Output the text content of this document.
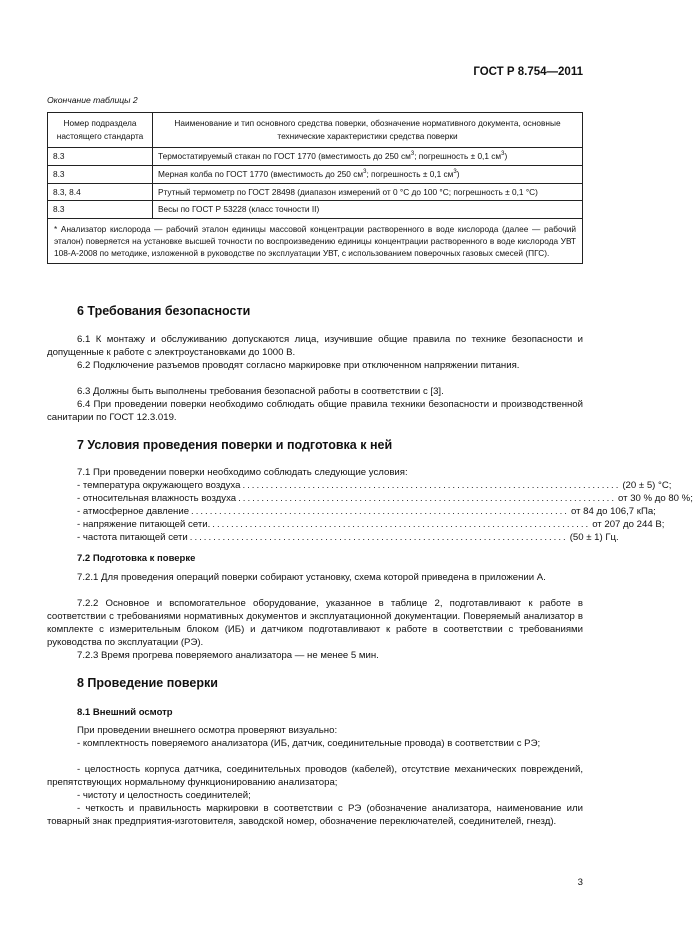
ГОСТ Р 8.754—2011
Окончание таблицы 2
Номер подраздела настоящего стандарта	Наименование и тип основного средства поверки, обозначение нормативного документа, основные технические характеристики средства поверки
8.3	Термостатируемый стакан по ГОСТ 1770 (вместимость до 250 $см^3$; погрешность ± 0,1 $см^3$)
8.3	Мерная колба по ГОСТ 1770 (вместимость до 250 $см^3$; погрешность ± 0,1 $см^3$)
8.3, 8.4	Ртутный термометр по ГОСТ 28498 (диапазон измерений от 0 °С до 100 °С; погрешность ± 0,1 °С)
8.3	Весы по ГОСТ Р 53228 (класс точности II)
* Анализатор кислорода — рабочий эталон единицы массовой концентрации растворенного в воде кислорода (далее — рабочий эталон) поверяется на установке высшей точности по воспроизведению единицы концентрации растворенного в воде кислорода УВТ 108-А-2008 по методике, изложенной в руководстве по эксплуатации УВТ, с использованием поверочных газовых смесей (ПГС).	
6 Требования безопасности
6.1 К монтажу и обслуживанию допускаются лица, изучившие общие правила по технике безопасности и допущенные к работе с электроустановками до 1000 В.
6.2 Подключение разъемов проводят согласно маркировке при отключенном напряжении питания.
6.3 Должны быть выполнены требования безопасной работы в соответствии с [3].
6.4 При проведении поверки необходимо соблюдать общие правила техники безопасности и производственной санитарии по ГОСТ 12.3.019.
7 Условия проведения поверки и подготовка к ней
7.1 При проведении поверки необходимо соблюдать следующие условия:
- температура окружающего воздуха ................................................................................. (20 ± 5) °С;
- относительная влажность воздуха ................................................................................. от 30 % до 80 %;
- атмосферное давление ................................................................................. от 84 до 106,7 кПа;
- напряжение питающей сети. ................................................................................. от 207 до 244 В;
- частота питающей сети ................................................................................. (50 ± 1) Гц.
7.2 Подготовка к поверке
7.2.1 Для проведения операций поверки собирают установку, схема которой приведена в приложении А.
7.2.2 Основное и вспомогательное оборудование, указанное в таблице 2, подготавливают к работе в соответствии с требованиями нормативных документов и эксплуатационной документации. Поверяемый анализатор в комплекте с измерительным блоком (ИБ) и датчиком подготавливают к работе в соответствии с требованиями руководства по эксплуатации (РЭ).
7.2.3 Время прогрева поверяемого анализатора — не менее 5 мин.
8 Проведение поверки
8.1 Внешний осмотр
При проведении внешнего осмотра проверяют визуально:
- комплектность поверяемого анализатора (ИБ, датчик, соединительные провода) в соответствии с РЭ;
- целостность корпуса датчика, соединительных проводов (кабелей), отсутствие механических повреждений, препятствующих нормальному функционированию анализатора;
- чистоту и целостность соединителей;
- четкость и правильность маркировки в соответствии с РЭ (обозначение анализатора, наименование или товарный знак предприятия-изготовителя, заводской номер, обозначение переключателей, соединителей, гнезд).
3
